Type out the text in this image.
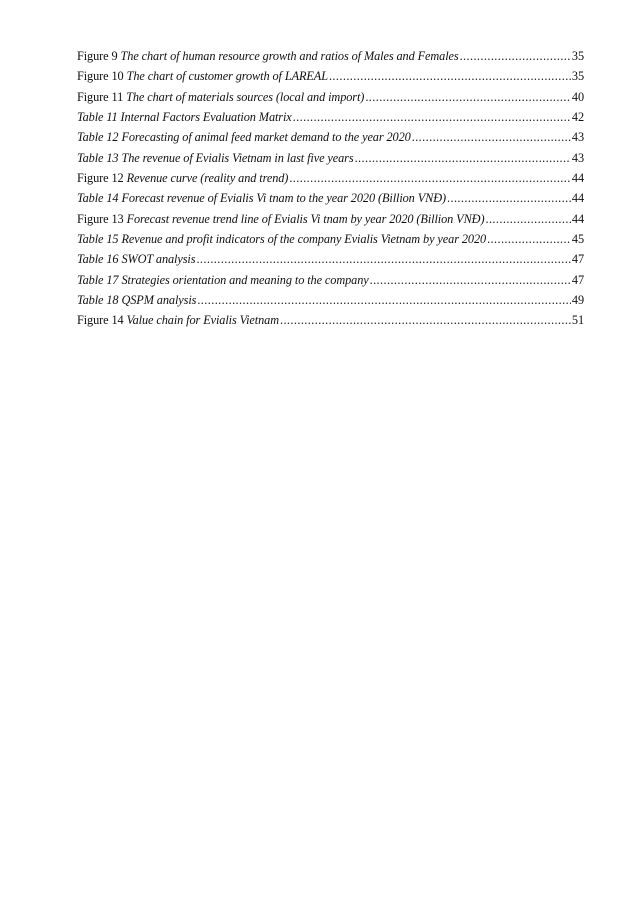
Figure 9 The chart of human resource growth and ratios of Males and Females .....	35
Figure 10 The chart of customer growth of LAREAL .....	35
Figure 11 The chart of materials sources (local and import) .....	40
Table 11 Internal Factors Evaluation Matrix .....	42
Table 12 Forecasting of animal feed market demand to the year 2020 .....	43
Table 13 The revenue of Evialis Vietnam in last five years .....	43
Figure 12 Revenue curve (reality and trend) .....	44
Table 14 Forecast revenue of Evialis Vi tnam to the year 2020 (Billion VNĐ) .....	44
Figure 13 Forecast revenue trend line of Evialis Vi tnam by year 2020 (Billion VNĐ) .....	44
Table 15 Revenue and profit indicators of the company Evialis Vietnam by year 2020 .....	45
Table 16 SWOT analysis .....	47
Table 17 Strategies orientation and meaning to the company .....	47
Table 18 QSPM analysis .....	49
Figure 14 Value chain for Evialis Vietnam .....	51
